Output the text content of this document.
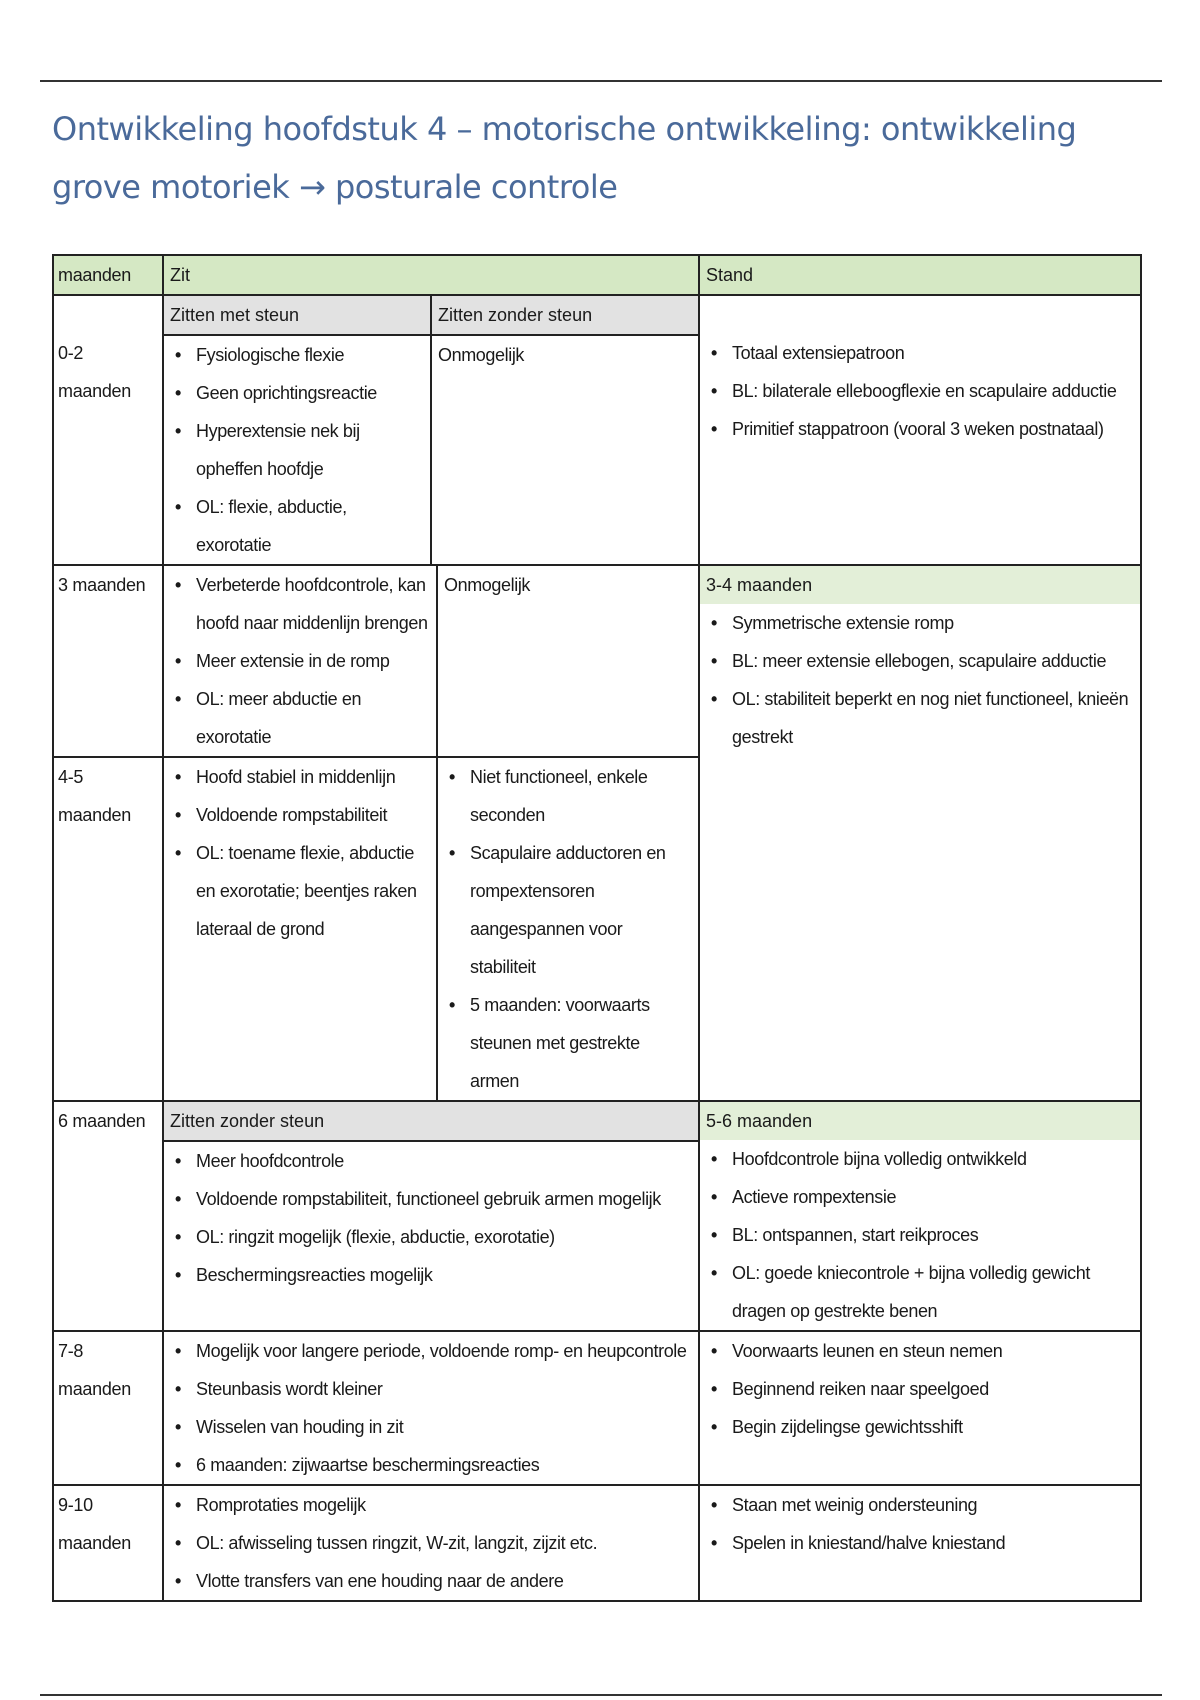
Ontwikkeling hoofdstuk 4 – motorische ontwikkeling: ontwikkeling grove motoriek → posturale controle
maanden	Zit	Stand
0-2 maanden	
Zitten met steun	Zitten zonder steun

• Fysiologische flexie
• Geen oprichtingsreactie
• Hyperextensie nek bij opheffen hoofdje
• OL: flexie, abductie, exorotatie
	Onmogelijk

•	Totaal extensiepatroon
• BL: bilaterale elleboogflexie en scapulaire adductie
• Primitief stappatroon (vooral 3 weken postnataal)

3 maanden	
•Verbeterde hoofdcontrole, kan hoofd naar middenlijn brengen
• Meer extensie in de romp
• OL: meer abductie en exorotatie
	Onmogelijk	3-4 maanden
• Symmetrische extensie romp
• BL: meer extensie ellebogen, scapulaire adductie
• OL: stabiliteit beperkt en nog niet functioneel, knieën gestrekt

4-5 maanden	
• Hoofd stabiel in middenlijn
• Voldoende rompstabiliteit
• OL: toename flexie, abductie en exorotatie; beentjes raken lateraal de grond

• Niet functioneel, enkele seconden
• Scapulaire adductoren en rompextensoren aangespannen voor stabiliteit
• 5 maanden: voorwaarts steunen met gestrekte armen

6 maanden	Zitten zonder steun

• Meer hoofdcontrole
• Voldoende rompstabiliteit, functioneel gebruik armen mogelijk
• OL: ringzit mogelijk (flexie, abductie, exorotatie)
• Beschermingsreacties mogelijk

5-6 maanden
• Hoofdcontrole bijna volledig ontwikkeld
• Actieve rompextensie
• BL: ontspannen, start reikproces
• OL: goede kniecontrole + bijna volledig gewicht dragen op gestrekte benen

7-8 maanden	
• Mogelijk voor langere periode, voldoende romp- en heupcontrole
• Steunbasis wordt kleiner
• Wisselen van houding in zit
• 6 maanden: zijwaartse beschermingsreacties

• Voorwaarts leunen en steun nemen
• Beginnend reiken naar speelgoed
• Begin zijdelingse gewichtsshift

9-10 maanden	
• Romprotaties mogelijk
• OL: afwisseling tussen ringzit, W-zit, langzit, zijzit etc.
• Vlotte transfers van ene houding naar de andere

• Staan met weinig ondersteuning
• Spelen in kniestand/halve kniestand
